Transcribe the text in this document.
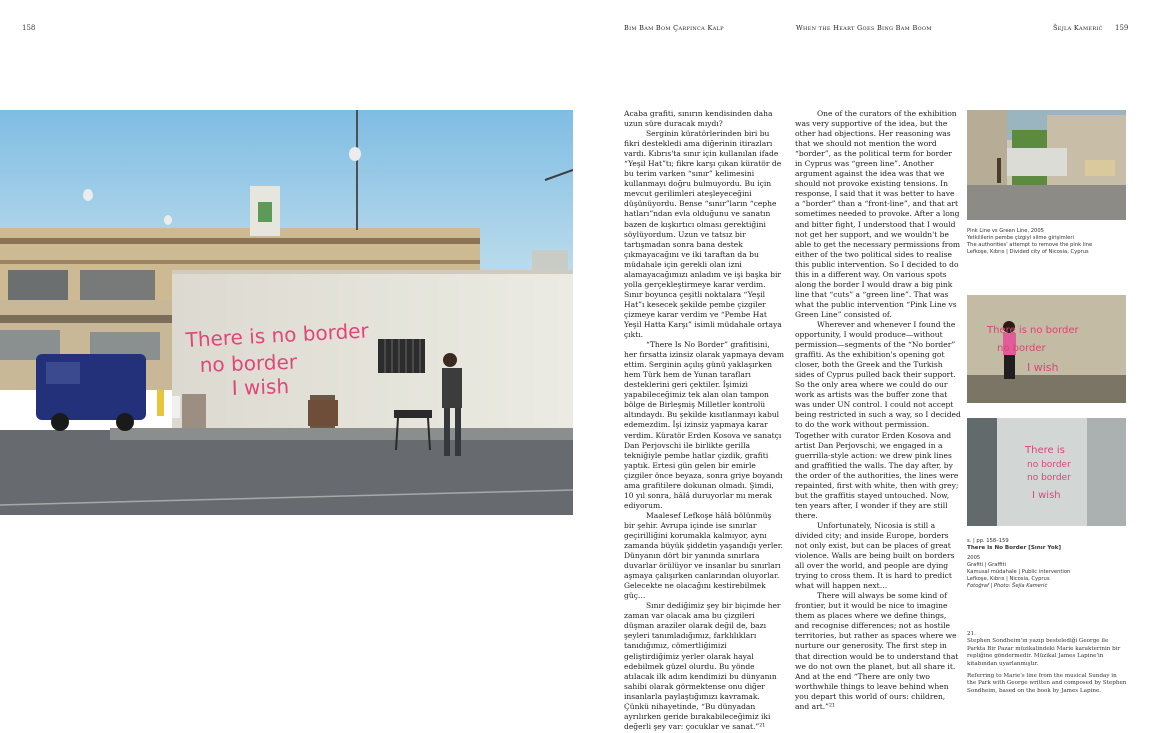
158	Bim Bam Bom Çarpinca Kalp	When the Heart Goes Bing Bam Boom	Šejla Kamerić 159
There is no border
no border
I wish

Acaba grafiti, sınırın kendisinden daha uzun süre duracak mıydı?

Serginin küratörlerinden biri bu fikri destekledi ama diğerinin itirazları vardı. Kıbrıs'ta sınır için kullanılan ifade “Yeşil Hat”tı; fikre karşı çıkan küratör de bu terim varken “sınır” kelimesini kullanmayı doğru bulmuyordu. Bu için mevcut gerilimleri ateşleyeceğini düşünüyordu. Bense “sınır”ların “cephe hatları”ndan evla olduğunu ve sanatın bazen de kışkırtıcı olması gerektiğini söylüyordum. Uzun ve tatsız bir tartışmadan sonra bana destek çıkmayacağını ve iki taraftan da bu müdahale için gerekli olan izni alamayacağımızı anladım ve işi başka bir yolla gerçekleştirmeye karar verdim. Sınır boyunca çeşitli noktalara “Yeşil Hat”ı kesecek şekilde pembe çizgiler çizmeye karar verdim ve “Pembe Hat Yeşil Hatta Karşı” isimli müdahale ortaya çıktı.

“There Is No Border” grafitisini, her fırsatta izinsiz olarak yapmaya devam ettim. Serginin açılış günü yaklaşırken hem Türk hem de Yunan tarafları desteklerini geri çektiler. İşimizi yapabileceğimiz tek alan olan tampon bölge de Birleşmiş Milletler kontrolü altındaydı. Bu şekilde kısıtlanmayı kabul edemezdim. İşi izinsiz yapmaya karar verdim. Küratör Erden Kosova ve sanatçı Dan Perjovschi ile birlikte gerilla tekniğiyle pembe hatlar çizdik, grafiti yaptık. Ertesi gün gelen bir emirle çizgiler önce beyaza, sonra griye boyandı ama grafitilere dokunan olmadı. Şimdi, 10 yıl sonra, hâlâ duruyorlar mı merak ediyorum.

Maalesef Lefkoşe hâlâ bölünmüş bir şehir. Avrupa içinde ise sınırlar geçirilliğini korumakla kalmıyor, aynı zamanda büyük şiddetin yaşandığı yerler. Dünyanın dört bir yanında sınırlara duvarlar örülüyor ve insanlar bu sınırları aşmaya çalışırken canlarından oluyorlar. Gelecekte ne olacağını kestirebilmek güç…

Sınır dediğimiz şey bir biçimde her zaman var olacak ama bu çizgileri düşman araziler olarak değil de, bazı şeyleri tanımladığımız, farklılıkları tanıdığımız, cömertliğimizi geliştirdiğimiz yerler olarak hayal edebilmek güzel olurdu. Bu yönde atılacak ilk adım kendimizi bu dünyanın sahibi olarak görmektense onu diğer insanlarla paylaştığımızı kavramak. Çünkü nihayetinde, “Bu dünyadan ayrılırken geride bırakabileceğimiz iki değerli şey var: çocuklar ve sanat.”²¹

One of the curators of the exhibition was very supportive of the idea, but the other had objections. Her reasoning was that we should not mention the word “border”, as the political term for border in Cyprus was “green line”. Another argument against the idea was that we should not provoke existing tensions. In response, I said that it was better to have a “border” than a “front-line”, and that art sometimes needed to provoke. After a long and bitter fight, I understood that I would not get her support, and we wouldn't be able to get the necessary permissions from either of the two political sides to realise this public intervention. So I decided to do this in a different way. On various spots along the border I would draw a big pink line that “cuts” a “green line”. That was what the public intervention “Pink Line vs Green Line” consisted of.

Wherever and whenever I found the opportunity, I would produce—without permission—segments of the “No border” graffiti. As the exhibition's opening got closer, both the Greek and the Turkish sides of Cyprus pulled back their support. So the only area where we could do our work as artists was the buffer zone that was under UN control. I could not accept being restricted in such a way, so I decided to do the work without permission. Together with curator Erden Kosova and artist Dan Perjovschi, we engaged in a guerrilla-style action: we drew pink lines and graffitied the walls. The day after, by the order of the authorities, the lines were repainted, first with white, then with grey; but the graffitis stayed untouched. Now, ten years after, I wonder if they are still there.

Unfortunately, Nicosia is still a divided city; and inside Europe, borders not only exist, but can be places of great violence. Walls are being built on borders all over the world, and people are dying trying to cross them. It is hard to predict what will happen next…

There will always be some kind of frontier, but it would be nice to imagine them as places where we define things, and recognise differences; not as hostile territories, but rather as spaces where we nurture our generosity. The first step in that direction would be to understand that we do not own the planet, but all share it. And at the end “There are only two worthwhile things to leave behind when you depart this world of ours: children, and art.”²¹

Pink Line vs Green Line, 2005
Yetkililerin pembe çizgiyi silme girişimleri
The authorities' attempt to remove the pink line
Lefkoşe, Kıbrıs | Divided city of Nicosia, Cyprus
There is no border
no border
I wish
There is
no border
no border
I wish
s. | pp. 158–159
There Is No Border [Sınır Yok]
2005
Grafiti | Graffiti
Kamusal müdahale | Public intervention
Lefkoşe, Kıbrıs | Nicosia, Cyprus
Fotoğraf | Photo: Šejla Kamerić
21.
Stephen Sondheim'ın yazıp bestelediği George ile Parkta Bir Pazar müzikalindeki Marie karakterinin bir repliğine göndermedir. Müzikal James Lapine'in kitabından uyarlanmıştır.
Referring to Marie's line from the musical Sunday in the Park with George written and composed by Stephen Sondheim, based on the book by James Lapine.
